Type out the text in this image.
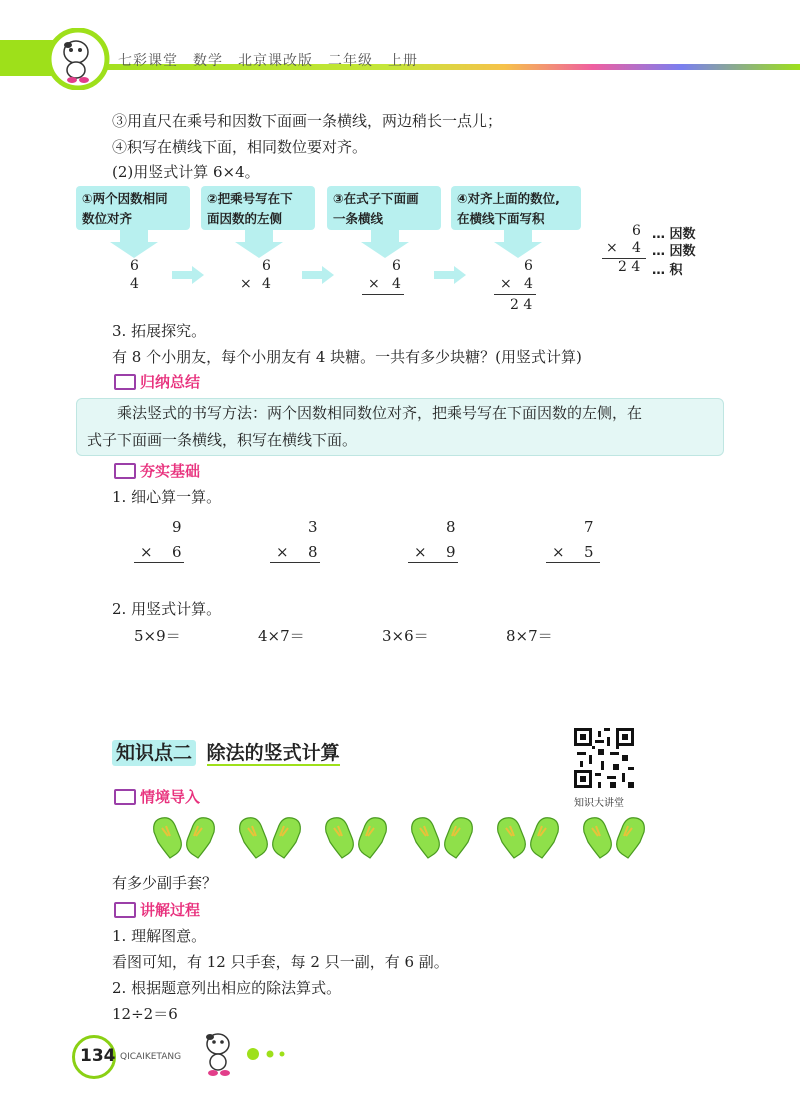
七彩课堂　数学　北京课改版　二年级　上册
③用直尺在乘号和因数下面画一条横线，两边稍长一点儿；
④积写在横线下面，相同数位要对齐。
(2)用竖式计算 6×4。
①两个因数相同
数位对齐
②把乘号写在下
面因数的左侧
③在式子下面画
一条横线
④对齐上面的数位,
在横线下面写积
6
4
6
× 4
6
× 4
6
× 4
2 4
6 … 因数
× 4 … 因数
2 4 … 积
3. 拓展探究。
有 8 个小朋友，每个小朋友有 4 块糖。一共有多少块糖？(用竖式计算)
归纳总结
　　乘法竖式的书写方法：两个因数相同数位对齐，把乘号写在下面因数的左侧，在
式子下面画一条横线，积写在横线下面。
夯实基础
1. 细心算一算。
9
× 6
3
× 8
8
× 9
7
× 5
2. 用竖式计算。
5×9＝	4×7＝	3×6＝	8×7＝
知识点二 除法的竖式计算
知识大讲堂
情境导入
有多少副手套？
讲解过程
1. 理解图意。
看图可知，有 12 只手套，每 2 只一副，有 6 副。
2. 根据题意列出相应的除法算式。
12÷2＝6
134 QICAIKETANG
